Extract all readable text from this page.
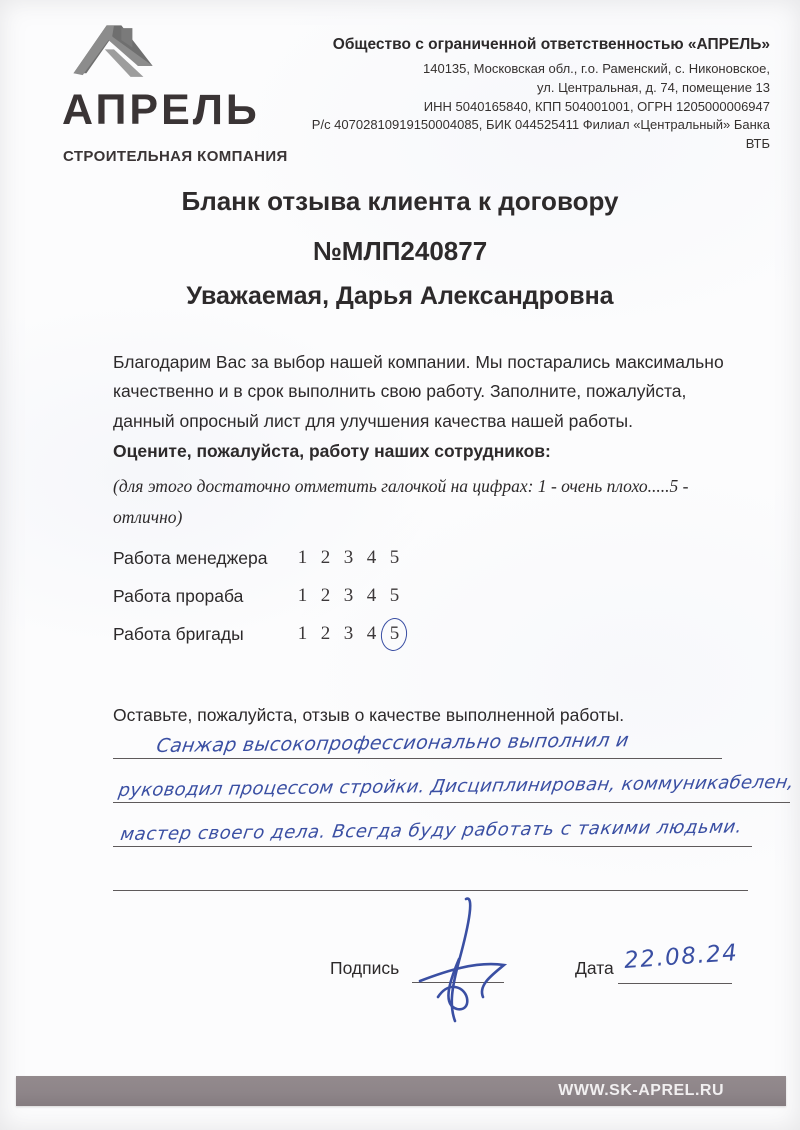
АПРЕЛЬ
СТРОИТЕЛЬНАЯ КОМПАНИЯ
Общество с ограниченной ответственностью «АПРЕЛЬ»
140135, Московская обл., г.о. Раменский, с. Никоновское,
ул. Центральная, д. 74, помещение 13
ИНН 5040165840, КПП 504001001, ОГРН 1205000006947
Р/с 40702810919150004085, БИК 044525411 Филиал «Центральный» Банка ВТБ
Бланк отзыва клиента к договору
№МЛП240877
Уважаемая, Дарья Александровна

Благодарим Вас за выбор нашей компании. Мы постарались максимально качественно и в срок выполнить свою работу. Заполните, пожалуйста, данный опросный лист для улучшения качества нашей работы.

Оцените, пожалуйста, работу наших сотрудников:

(для этого достаточно отметить галочкой на цифрах: 1 - очень плохо.....5 - отлично)

Работа менеджера	1 2 3 4 5
Работа прораба	1 2 3 4 5
Работа бригады	1 2 3 4 5

Оставьте, пожалуйста, отзыв о качестве выполненной работы.

Санжар высокопрофессионально выполнил и
руководил процессом стройки. Дисциплинирован, коммуникабелен,
мастер своего дела. Всегда буду работать с такими людьми.
Подпись	Дата 22.08.24
WWW.SK-APREL.RU
